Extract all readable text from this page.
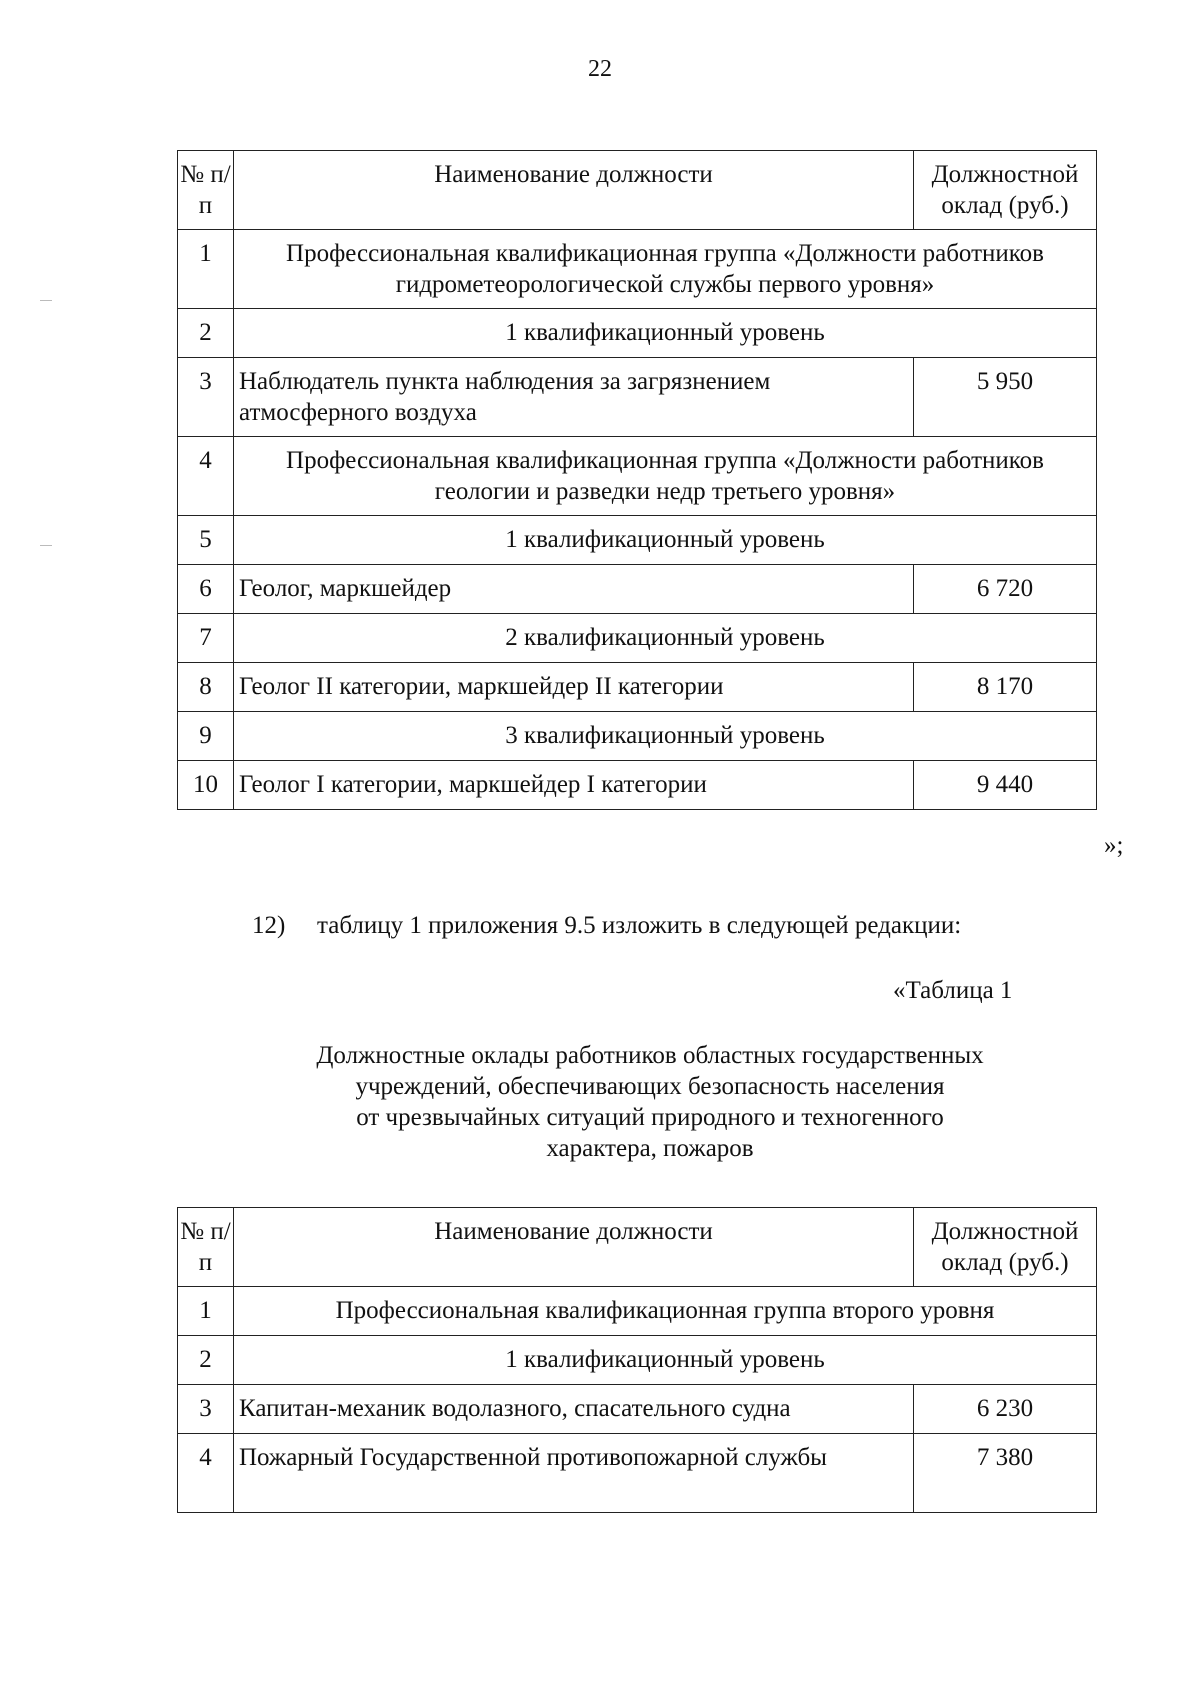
22
№ п/п	Наименование должности	Должностной оклад (руб.)
1	Профессиональная квалификационная группа «Должности работников гидрометеорологической службы первого уровня»	
2	1 квалификационный уровень	
3	Наблюдатель пункта наблюдения за загрязнением атмосферного воздуха	5 950
4	Профессиональная квалификационная группа «Должности работников геологии и разведки недр третьего уровня»	
5	1 квалификационный уровень	
6	Геолог, маркшейдер	6 720
7	2 квалификационный уровень	
8	Геолог II категории, маркшейдер II категории	8 170
9	3 квалификационный уровень	
10	Геолог I категории, маркшейдер I категории	9 440
»;
12) таблицу 1 приложения 9.5 изложить в следующей редакции:
«Таблица 1
Должностные оклады работников областных государственных
учреждений, обеспечивающих безопасность населения
от чрезвычайных ситуаций природного и техногенного
характера, пожаров
№ п/п	Наименование должности	Должностной оклад (руб.)
1	Профессиональная квалификационная группа второго уровня	
2	1 квалификационный уровень	
3	Капитан-механик водолазного, спасательного судна	6 230
4	Пожарный Государственной противопожарной службы	7 380
